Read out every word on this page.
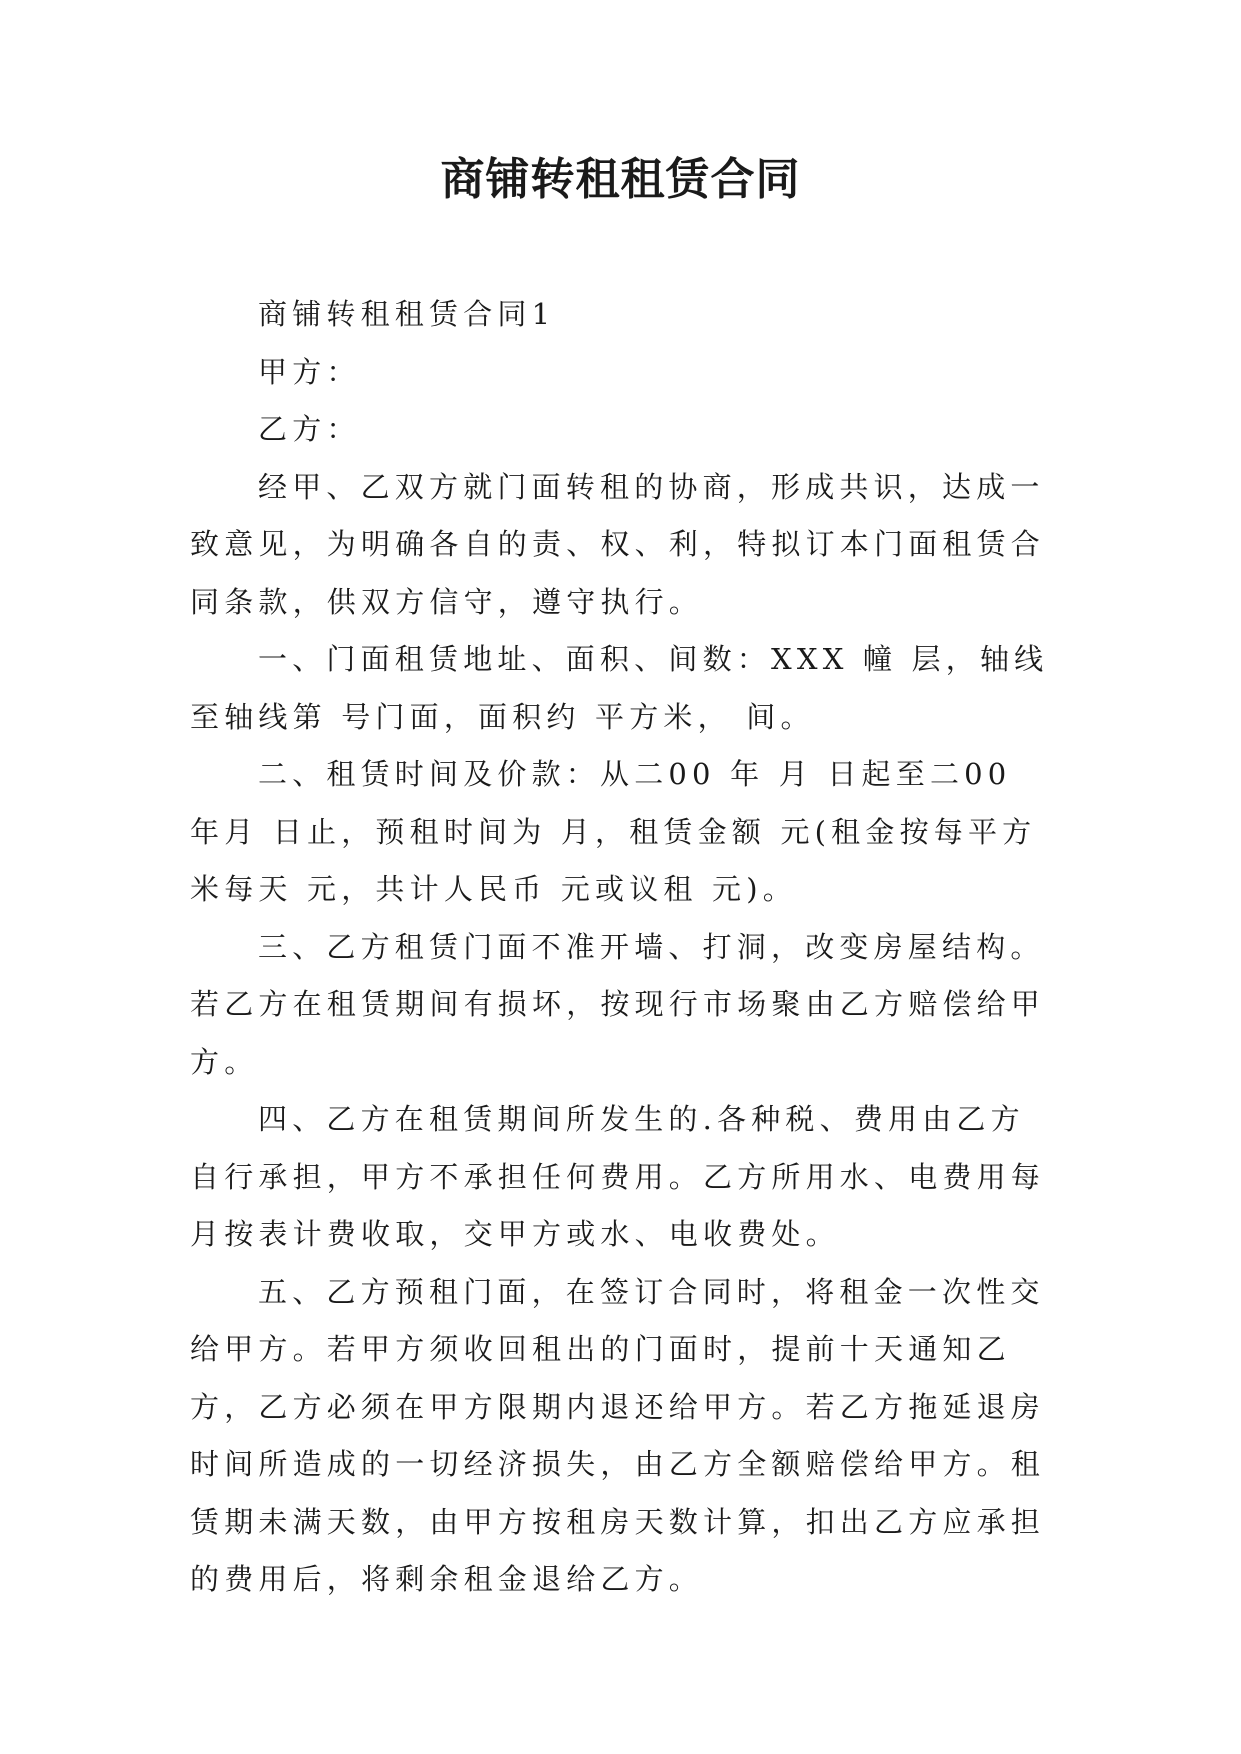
商铺转租租赁合同

商铺转租租赁合同1

甲方：

乙方：

经甲、乙双方就门面转租的协商，形成共识，达成一致意见，为明确各自的责、权、利，特拟订本门面租赁合同条款，供双方信守，遵守执行。

一、门面租赁地址、面积、间数：XXX 幢 层，轴线至轴线第 号门面，面积约 平方米， 间。

二、租赁时间及价款：从二00 年 月 日起至二00 年月 日止，预租时间为 月，租赁金额 元(租金按每平方米每天 元，共计人民币 元或议租 元)。

三、乙方租赁门面不准开墙、打洞，改变房屋结构。若乙方在租赁期间有损坏，按现行市场聚由乙方赔偿给甲方。

四、乙方在租赁期间所发生的.各种税、费用由乙方自行承担，甲方不承担任何费用。乙方所用水、电费用每月按表计费收取，交甲方或水、电收费处。

五、乙方预租门面，在签订合同时，将租金一次性交给甲方。若甲方须收回租出的门面时，提前十天通知乙方，乙方必须在甲方限期内退还给甲方。若乙方拖延退房时间所造成的一切经济损失，由乙方全额赔偿给甲方。租赁期未满天数，由甲方按租房天数计算，扣出乙方应承担的费用后，将剩余租金退给乙方。
